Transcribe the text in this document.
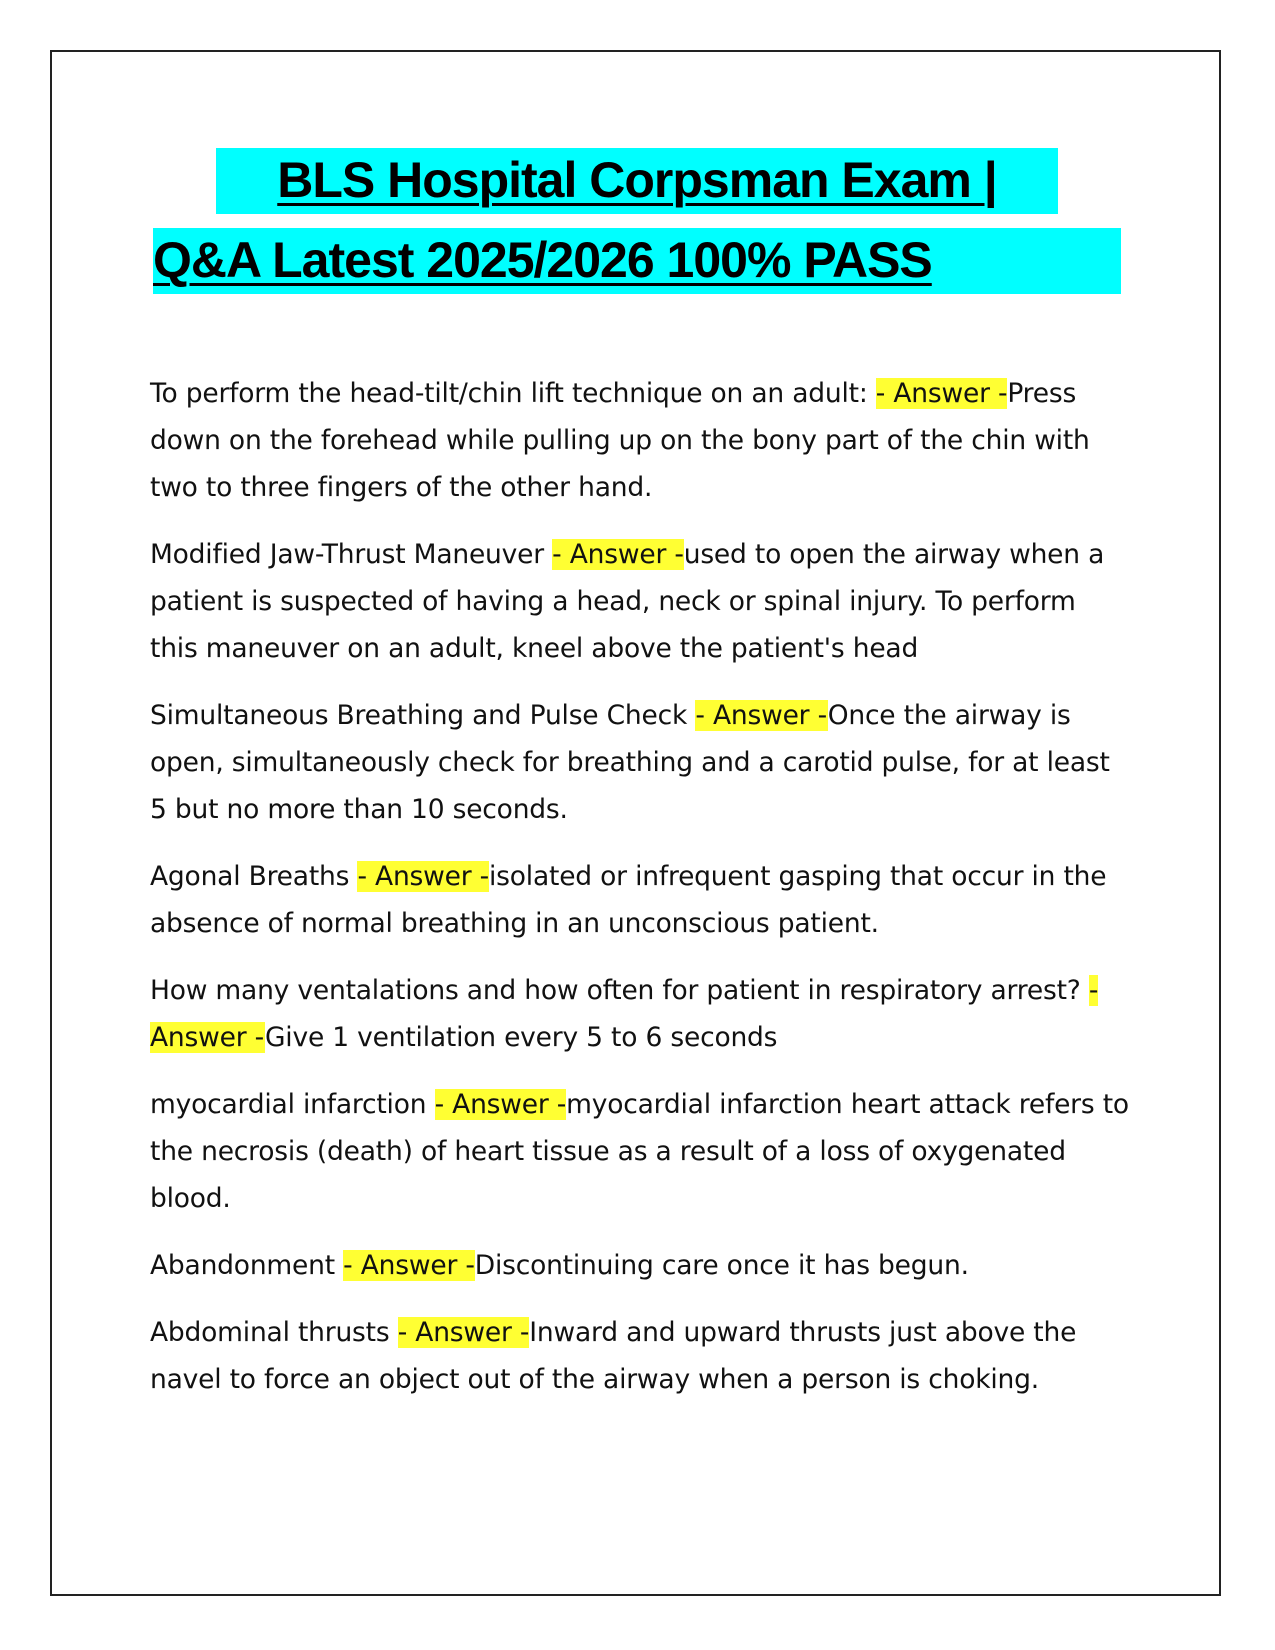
BLS Hospital Corpsman Exam |
Q&A Latest 2025/2026 100% PASS

To perform the head-tilt/chin lift technique on an adult: - Answer -Press down on the forehead while pulling up on the bony part of the chin with two to three fingers of the other hand.

Modified Jaw-Thrust Maneuver - Answer -used to open the airway when a patient is suspected of having a head, neck or spinal injury. To perform this maneuver on an adult, kneel above the patient's head

Simultaneous Breathing and Pulse Check - Answer -Once the airway is open, simultaneously check for breathing and a carotid pulse, for at least 5 but no more than 10 seconds.

Agonal Breaths - Answer -isolated or infrequent gasping that occur in the absence of normal breathing in an unconscious patient.

How many ventalations and how often for patient in respiratory arrest? - Answer -Give 1 ventilation every 5 to 6 seconds

myocardial infarction - Answer -myocardial infarction heart attack refers to the necrosis (death) of heart tissue as a result of a loss of oxygenated blood.

Abandonment - Answer -Discontinuing care once it has begun.

Abdominal thrusts - Answer -Inward and upward thrusts just above the navel to force an object out of the airway when a person is choking.
